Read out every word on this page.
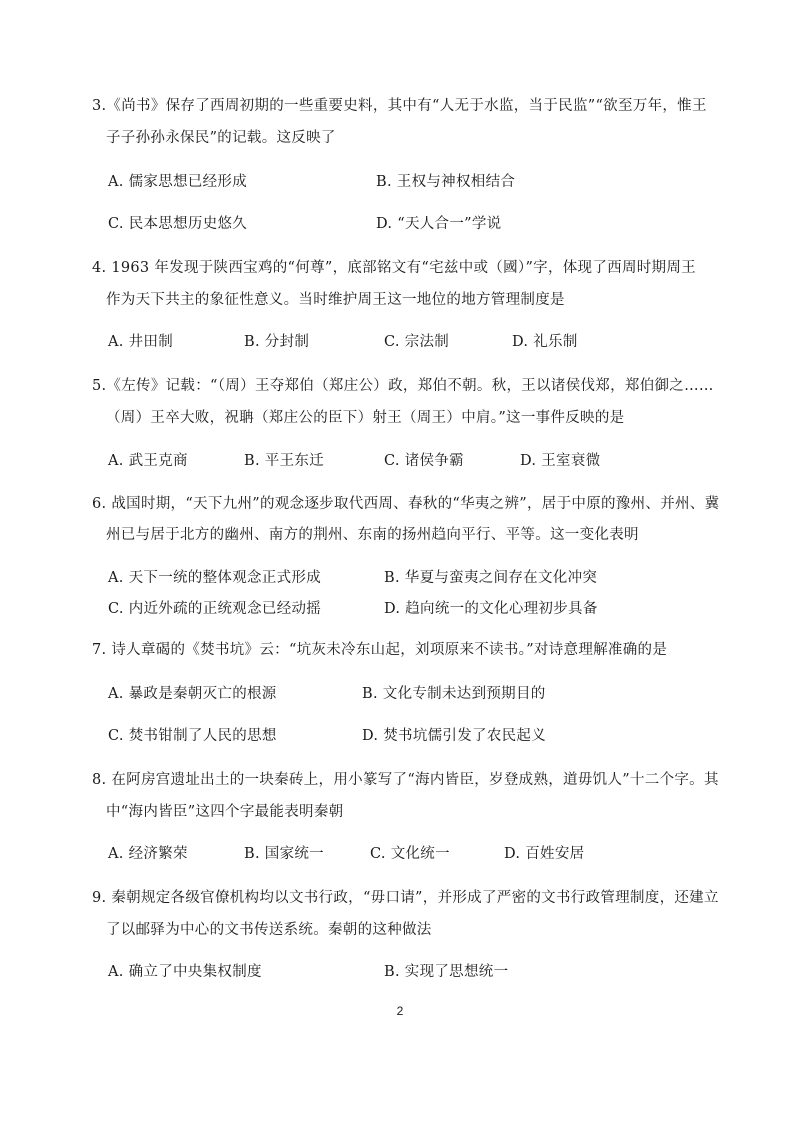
3.《尚书》保存了西周初期的一些重要史料，其中有“人无于水监，当于民监”“欲至万年，惟王
子子孙孙永保民”的记载。这反映了
A. 儒家思想已经形成	B. 王权与神权相结合
C. 民本思想历史悠久	D. “天人合一”学说
4. 1963 年发现于陕西宝鸡的“何尊”，底部铭文有“宅兹中或（國）”字，体现了西周时期周王
作为天下共主的象征性意义。当时维护周王这一地位的地方管理制度是
A. 井田制	B. 分封制	C. 宗法制	D. 礼乐制
5.《左传》记载：“（周）王夺郑伯（郑庄公）政，郑伯不朝。秋，王以诸侯伐郑，郑伯御之……
（周）王卒大败，祝聃（郑庄公的臣下）射王（周王）中肩。”这一事件反映的是
A. 武王克商	B. 平王东迁	C. 诸侯争霸	D. 王室衰微
6. 战国时期，“天下九州”的观念逐步取代西周、春秋的“华夷之辨”，居于中原的豫州、并州、冀
州已与居于北方的幽州、南方的荆州、东南的扬州趋向平行、平等。这一变化表明
A. 天下一统的整体观念正式形成	B. 华夏与蛮夷之间存在文化冲突
C. 内近外疏的正统观念已经动摇	D. 趋向统一的文化心理初步具备
7. 诗人章碣的《焚书坑》云：“坑灰未冷东山起，刘项原来不读书。”对诗意理解准确的是
A. 暴政是秦朝灭亡的根源	B. 文化专制未达到预期目的
C. 焚书钳制了人民的思想	D. 焚书坑儒引发了农民起义
8. 在阿房宫遗址出土的一块秦砖上，用小篆写了“海内皆臣，岁登成熟，道毋饥人”十二个字。其
中“海内皆臣”这四个字最能表明秦朝
A. 经济繁荣	B. 国家统一	C. 文化统一	D. 百姓安居
9. 秦朝规定各级官僚机构均以文书行政，“毋口请”，并形成了严密的文书行政管理制度，还建立
了以邮驿为中心的文书传送系统。秦朝的这种做法
A. 确立了中央集权制度	B. 实现了思想统一
2
